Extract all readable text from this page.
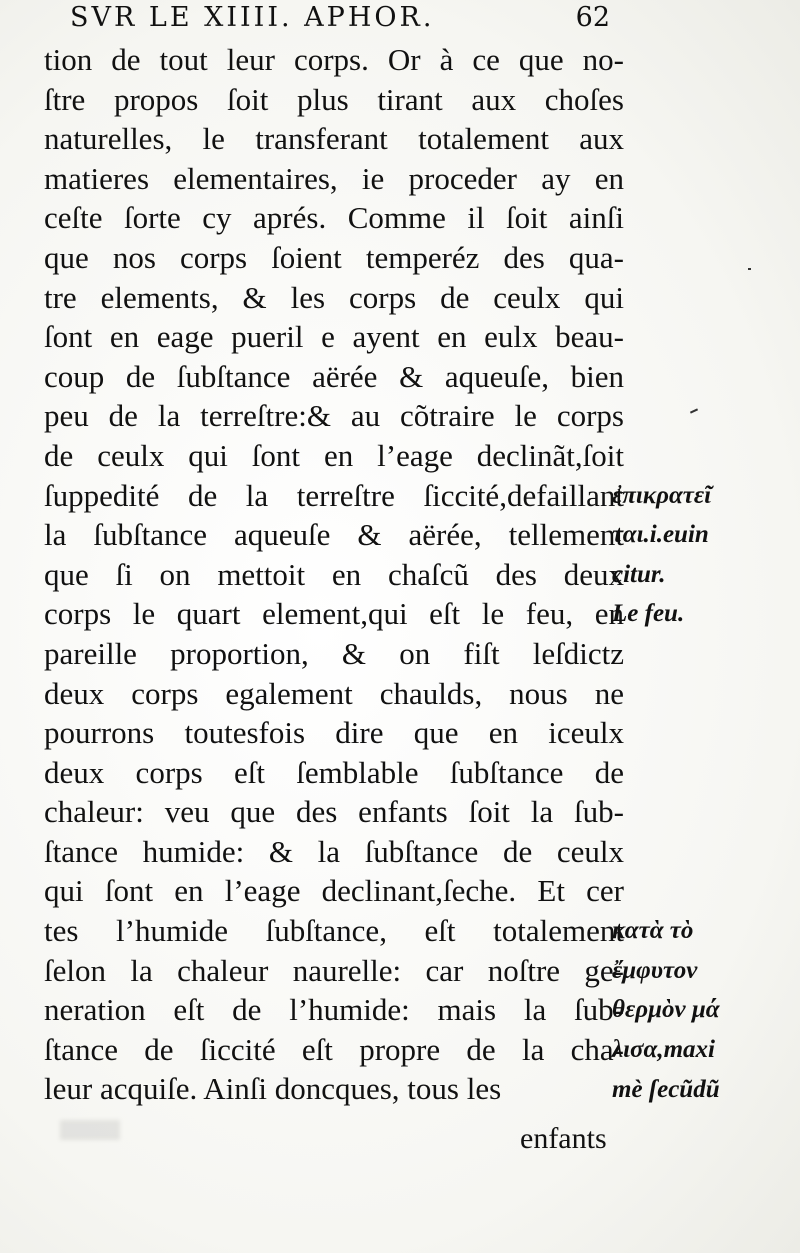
SVR LE XIIII. APHOR.	62
tion de tout leur corps. Or à ce que no-
ſtre propos ſoit plus tirant aux choſes
naturelles, le transferant totalement aux
matieres elementaires, ie proceder ay en
ceſte ſorte cy aprés. Comme il ſoit ainſi
que nos corps ſoient temperéz des qua-
tre elements, & les corps de ceulx qui
ſont en eage pueril e ayent en eulx beau-
coup de ſubſtance aërée & aqueuſe, bien
peu de la terreſtre:& au cõtraire le corps
de ceulx qui ſont en l’eage declinãt,ſoit
ſuppedité de la terreſtre ſiccité,defaillant
la ſubſtance aqueuſe & aërée, tellement
que ſi on mettoit en chaſcũ des deux
corps le quart element,qui eſt le feu, en
pareille proportion, & on fiſt leſdictz
deux corps egalement chaulds, nous ne
pourrons toutesfois dire que en iceulx
deux corps eſt ſemblable ſubſtance de
chaleur: veu que des enfants ſoit la ſub-
ſtance humide: & la ſubſtance de ceulx
qui ſont en l’eage declinant,ſeche. Et cer
tes l’humide ſubſtance, eſt totalement
ſelon la chaleur naurelle: car noſtre ge-
neration eſt de l’humide: mais la ſub-
ſtance de ſiccité eſt propre de la cha-
leur acquiſe. Ainſi doncques, tous les
ἐπικρατεῖ
ται.i.euin
citur.
Le feu.
κατὰ τὸ
ἔμφυτον
θερμὸν μά
λισα,maxi
mè ſecũdũ
enfants
